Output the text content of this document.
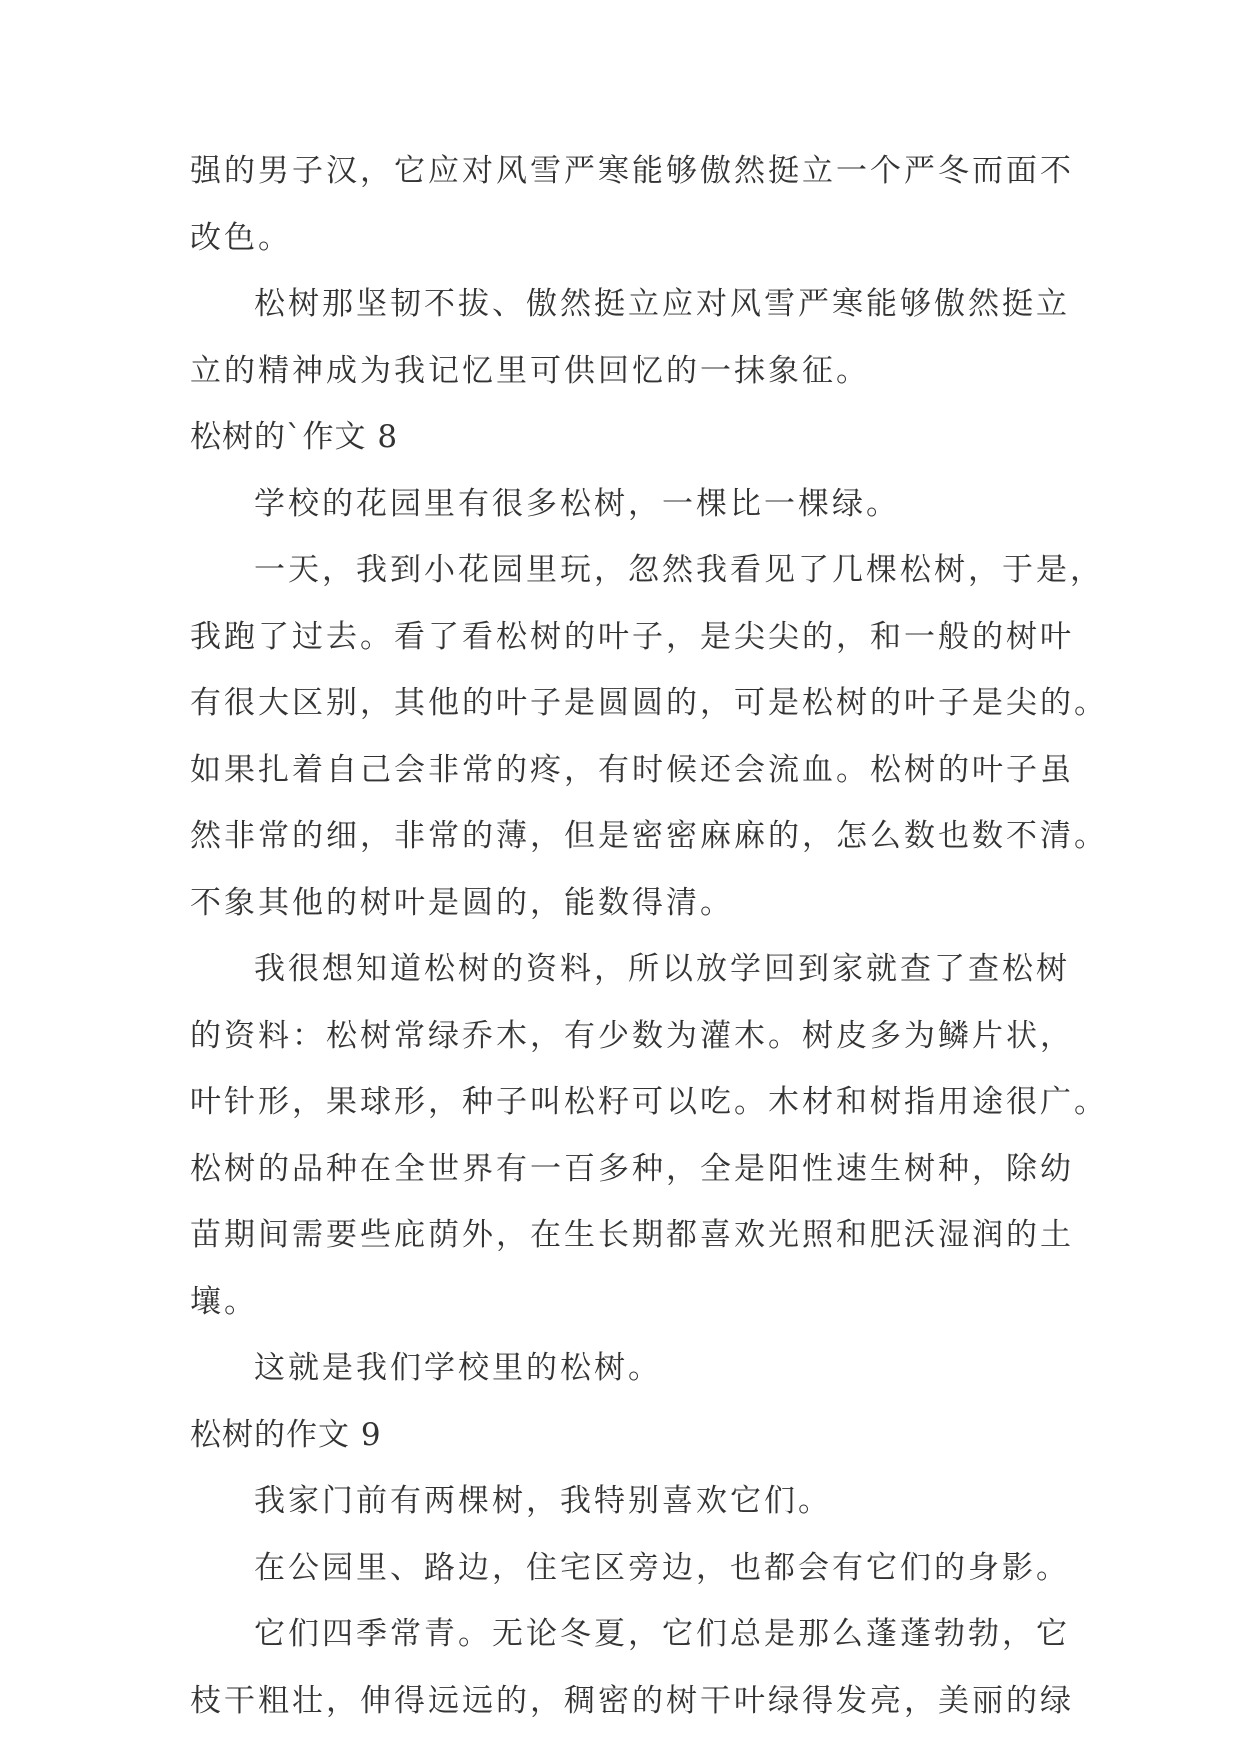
强的男子汉，它应对风雪严寒能够傲然挺立一个严冬而面不
改色。
松树那坚韧不拔、傲然挺立应对风雪严寒能够傲然挺立
立的精神成为我记忆里可供回忆的一抹象征。
松树的`作文 8
学校的花园里有很多松树，一棵比一棵绿。
一天，我到小花园里玩，忽然我看见了几棵松树，于是，
我跑了过去。看了看松树的叶子，是尖尖的，和一般的树叶
有很大区别，其他的叶子是圆圆的，可是松树的叶子是尖的。
如果扎着自己会非常的疼，有时候还会流血。松树的叶子虽
然非常的细，非常的薄，但是密密麻麻的，怎么数也数不清。
不象其他的树叶是圆的，能数得清。
我很想知道松树的资料，所以放学回到家就查了查松树
的资料：松树常绿乔木，有少数为灌木。树皮多为鳞片状，
叶针形，果球形，种子叫松籽可以吃。木材和树指用途很广。
松树的品种在全世界有一百多种，全是阳性速生树种，除幼
苗期间需要些庇荫外，在生长期都喜欢光照和肥沃湿润的土
壤。
这就是我们学校里的松树。
松树的作文 9
我家门前有两棵树，我特别喜欢它们。
在公园里、路边，住宅区旁边，也都会有它们的身影。
它们四季常青。无论冬夏，它们总是那么蓬蓬勃勃，它
枝干粗壮，伸得远远的，稠密的树干叶绿得发亮，美丽的绿
